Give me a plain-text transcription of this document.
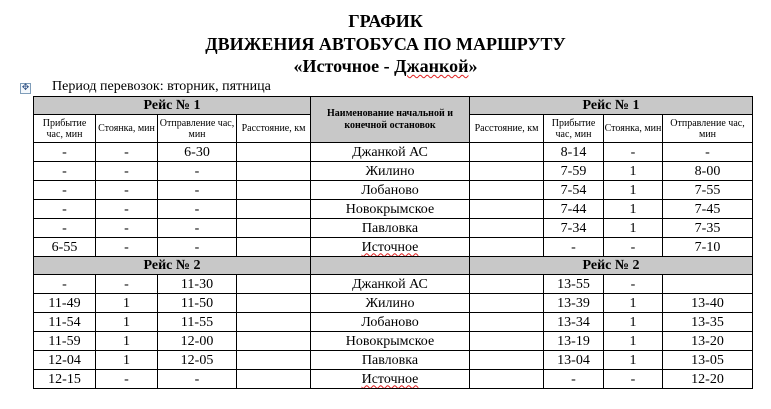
ГРАФИК
ДВИЖЕНИЯ АВТОБУСА ПО МАРШРУТУ
«Источное - Джанкой»
✥ Период перевозок: вторник, пятница
Рейс № 1				Наименование начальной и конечной остановок	Рейс № 1			
Прибытие час, мин	Стоянка, мин	Отправление час, мин	Расстояние, км		Расстояние, км	Прибытие час, мин	Стоянка, мин	Отправление час, мин
-	-	6-30		Джанкой АС		8-14	-	-
-	-	-		Жилино		7-59	1	8-00
-	-	-		Лобаново		7-54	1	7-55
-	-	-		Новокрымское		7-44	1	7-45
-	-	-		Павловка		7-34	1	7-35
6-55	-	-		Источное		-	-	7-10
Рейс № 2					Рейс № 2			
-	-	11-30		Джанкой АС		13-55	-	
11-49	1	11-50		Жилино		13-39	1	13-40
11-54	1	11-55		Лобаново		13-34	1	13-35
11-59	1	12-00		Новокрымское		13-19	1	13-20
12-04	1	12-05		Павловка		13-04	1	13-05
12-15	-	-		Источное		-	-	12-20
